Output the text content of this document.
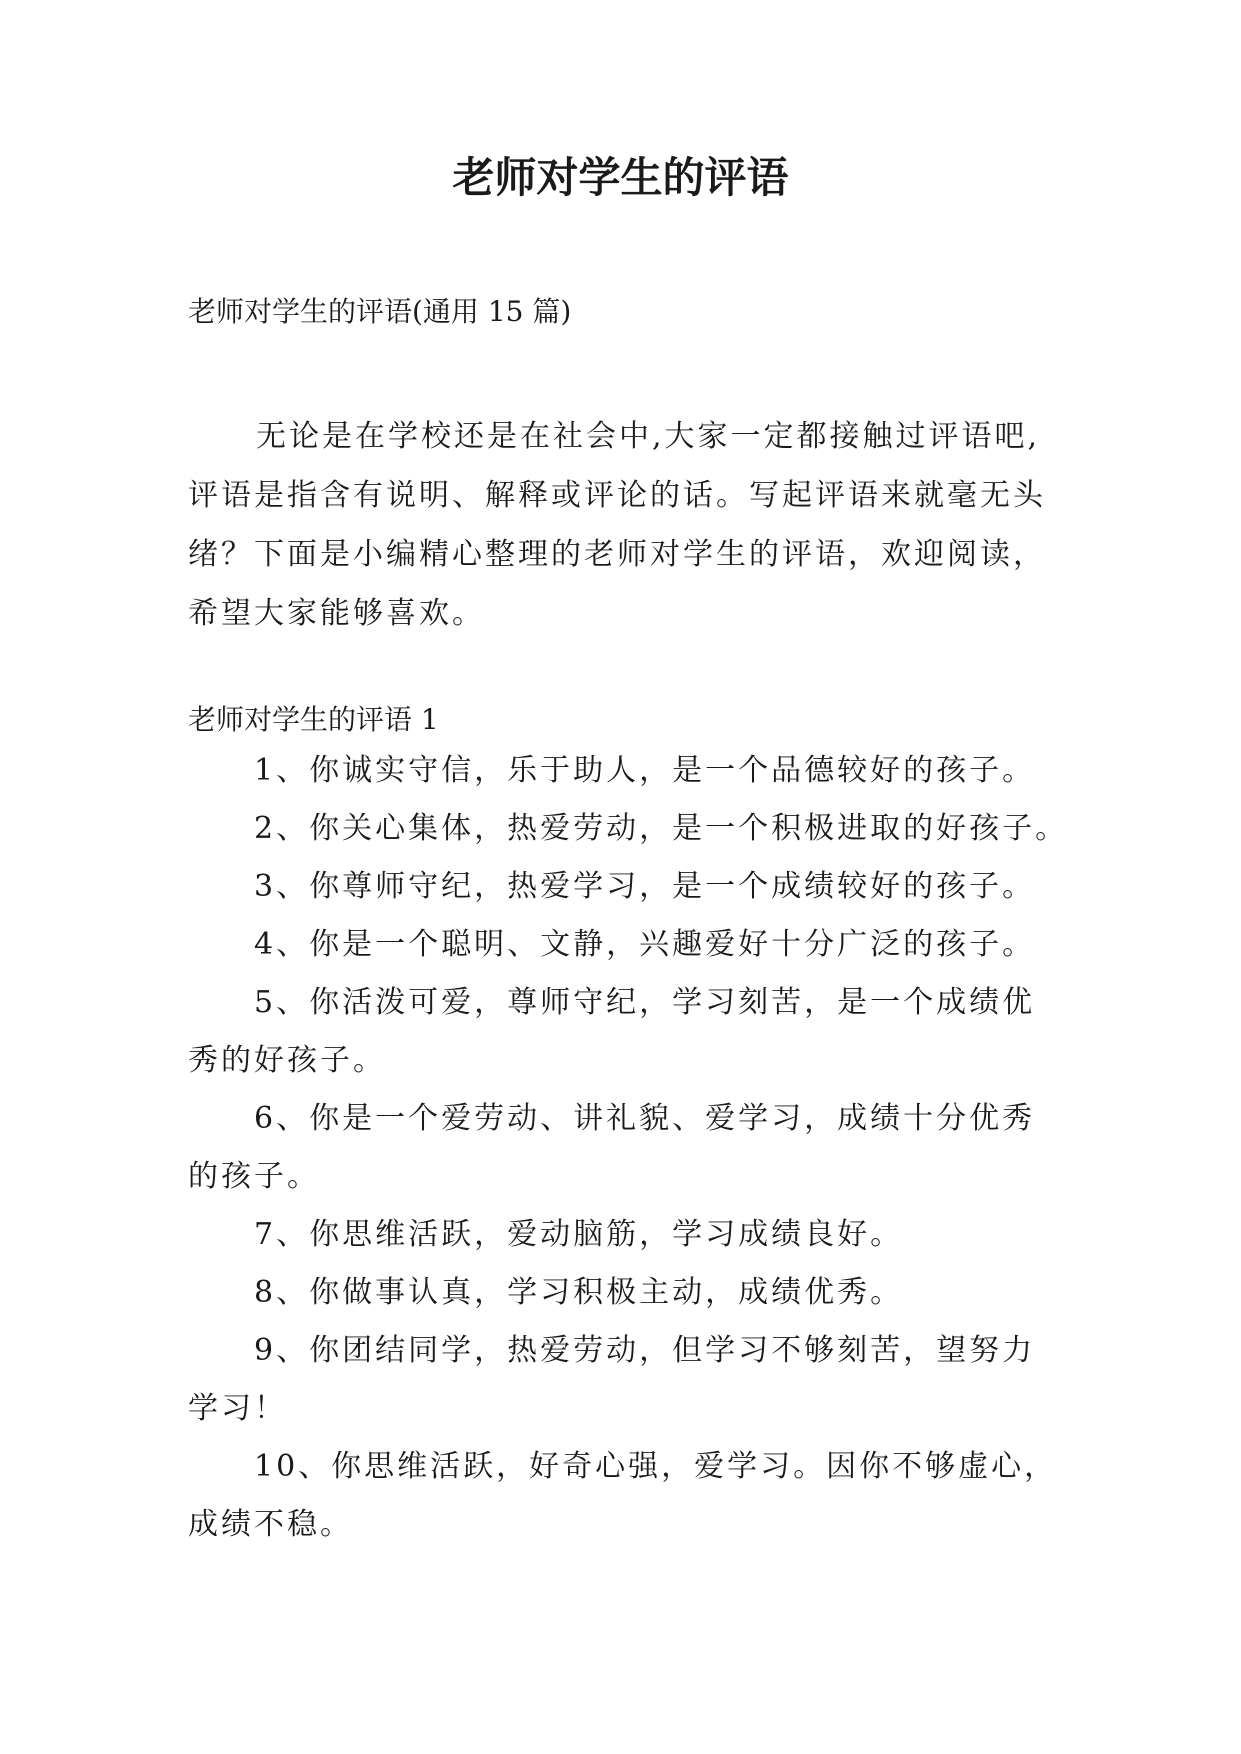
老师对学生的评语

老师对学生的评语(通用 15 篇)

无论是在学校还是在社会中,大家一定都接触过评语吧,评语是指含有说明、解释或评论的话。写起评语来就毫无头绪？下面是小编精心整理的老师对学生的评语，欢迎阅读，希望大家能够喜欢。

老师对学生的评语 1

1、你诚实守信，乐于助人，是一个品德较好的孩子。

2、你关心集体，热爱劳动，是一个积极进取的好孩子。

3、你尊师守纪，热爱学习，是一个成绩较好的孩子。

4、你是一个聪明、文静，兴趣爱好十分广泛的孩子。

5、你活泼可爱，尊师守纪，学习刻苦，是一个成绩优秀的好孩子。

6、你是一个爱劳动、讲礼貌、爱学习，成绩十分优秀的孩子。

7、你思维活跃，爱动脑筋，学习成绩良好。

8、你做事认真，学习积极主动，成绩优秀。

9、你团结同学，热爱劳动，但学习不够刻苦，望努力学习！

10、你思维活跃，好奇心强，爱学习。因你不够虚心，成绩不稳。
